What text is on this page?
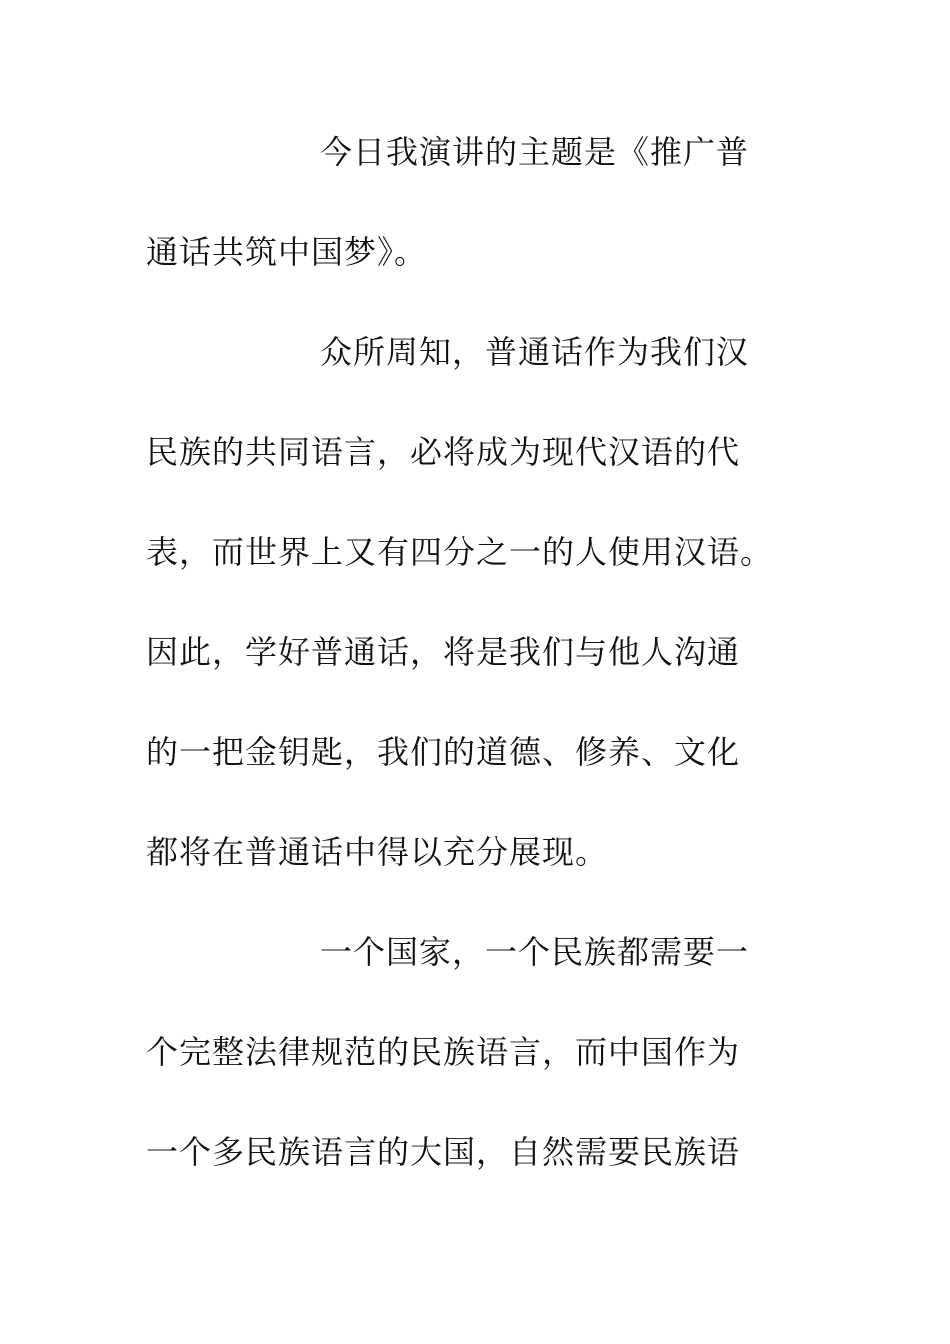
今日我演讲的主题是《推广普
通话共筑中国梦》。
众所周知，普通话作为我们汉
民族的共同语言，必将成为现代汉语的代
表，而世界上又有四分之一的人使用汉语。
因此，学好普通话，将是我们与他人沟通
的一把金钥匙，我们的道德、修养、文化
都将在普通话中得以充分展现。
一个国家，一个民族都需要一
个完整法律规范的民族语言，而中国作为
一个多民族语言的大国，自然需要民族语
